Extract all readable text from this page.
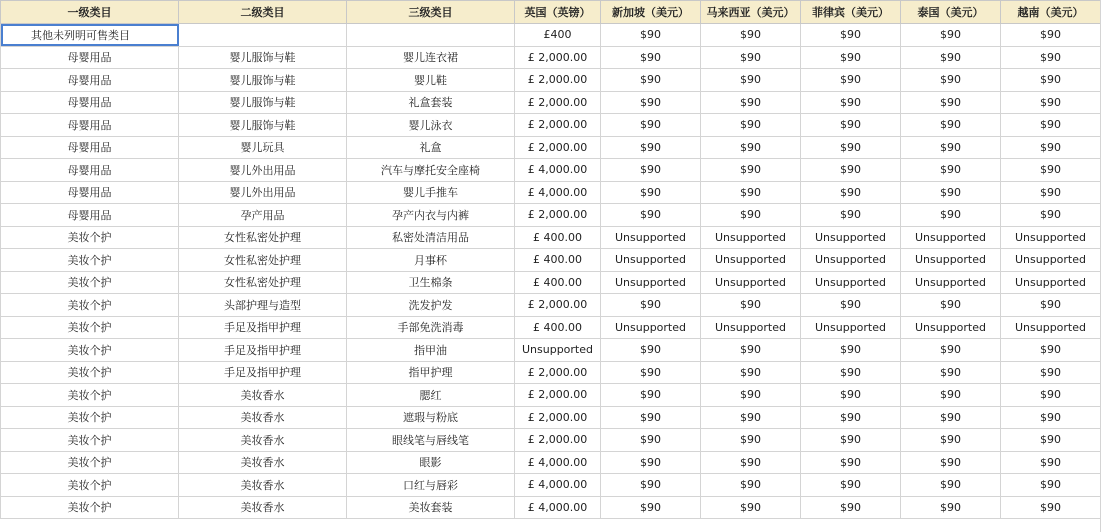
一级类目	二级类目	三级类目	英国（英镑）	新加坡（美元）	马来西亚（美元）	菲律宾（美元）	泰国（美元）	越南（美元）
其他未列明可售类目			£400	$90	$90	$90	$90	$90
母婴用品	婴儿服饰与鞋	婴儿连衣裙	£ 2,000.00	$90	$90	$90	$90	$90
母婴用品	婴儿服饰与鞋	婴儿鞋	£ 2,000.00	$90	$90	$90	$90	$90
母婴用品	婴儿服饰与鞋	礼盒套装	£ 2,000.00	$90	$90	$90	$90	$90
母婴用品	婴儿服饰与鞋	婴儿泳衣	£ 2,000.00	$90	$90	$90	$90	$90
母婴用品	婴儿玩具	礼盒	£ 2,000.00	$90	$90	$90	$90	$90
母婴用品	婴儿外出用品	汽车与摩托安全座椅	£ 4,000.00	$90	$90	$90	$90	$90
母婴用品	婴儿外出用品	婴儿手推车	£ 4,000.00	$90	$90	$90	$90	$90
母婴用品	孕产用品	孕产内衣与内裤	£ 2,000.00	$90	$90	$90	$90	$90
美妆个护	女性私密处护理	私密处清洁用品	£ 400.00	Unsupported	Unsupported	Unsupported	Unsupported	Unsupported
美妆个护	女性私密处护理	月事杯	£ 400.00	Unsupported	Unsupported	Unsupported	Unsupported	Unsupported
美妆个护	女性私密处护理	卫生棉条	£ 400.00	Unsupported	Unsupported	Unsupported	Unsupported	Unsupported
美妆个护	头部护理与造型	洗发护发	£ 2,000.00	$90	$90	$90	$90	$90
美妆个护	手足及指甲护理	手部免洗消毒	£ 400.00	Unsupported	Unsupported	Unsupported	Unsupported	Unsupported
美妆个护	手足及指甲护理	指甲油	Unsupported	$90	$90	$90	$90	$90
美妆个护	手足及指甲护理	指甲护理	£ 2,000.00	$90	$90	$90	$90	$90
美妆个护	美妆香水	腮红	£ 2,000.00	$90	$90	$90	$90	$90
美妆个护	美妆香水	遮瑕与粉底	£ 2,000.00	$90	$90	$90	$90	$90
美妆个护	美妆香水	眼线笔与唇线笔	£ 2,000.00	$90	$90	$90	$90	$90
美妆个护	美妆香水	眼影	£ 4,000.00	$90	$90	$90	$90	$90
美妆个护	美妆香水	口红与唇彩	£ 4,000.00	$90	$90	$90	$90	$90
美妆个护	美妆香水	美妆套装	£ 4,000.00	$90	$90	$90	$90	$90
